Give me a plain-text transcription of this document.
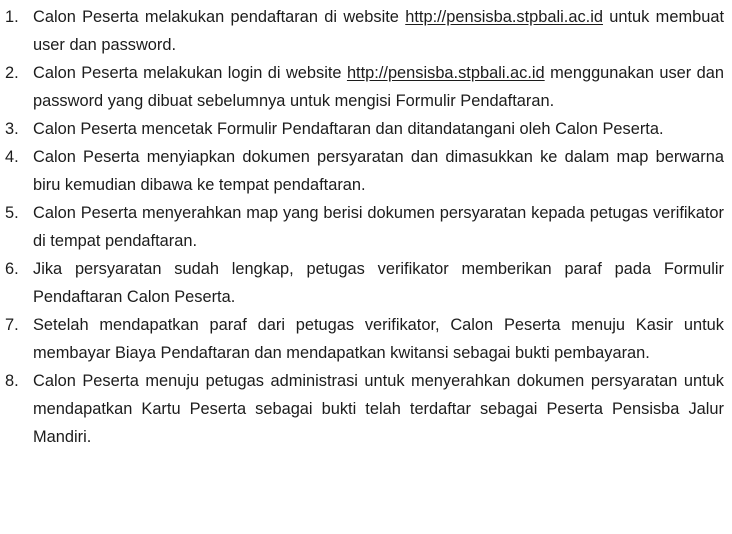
1. Calon Peserta melakukan pendaftaran di website http://pensisba.stpbali.ac.id untuk membuat user dan password.
2. Calon Peserta melakukan login di website http://pensisba.stpbali.ac.id menggunakan user dan password yang dibuat sebelumnya untuk mengisi Formulir Pendaftaran.
3. Calon Peserta mencetak Formulir Pendaftaran dan ditandatangani oleh Calon Peserta.
4. Calon Peserta menyiapkan dokumen persyaratan dan dimasukkan ke dalam map berwarna biru kemudian dibawa ke tempat pendaftaran.
5. Calon Peserta menyerahkan map yang berisi dokumen persyaratan kepada petugas verifikator di tempat pendaftaran.
6. Jika persyaratan sudah lengkap, petugas verifikator memberikan paraf pada Formulir Pendaftaran Calon Peserta.
7. Setelah mendapatkan paraf dari petugas verifikator, Calon Peserta menuju Kasir untuk membayar Biaya Pendaftaran dan mendapatkan kwitansi sebagai bukti pembayaran.
8. Calon Peserta menuju petugas administrasi untuk menyerahkan dokumen persyaratan untuk mendapatkan Kartu Peserta sebagai bukti telah terdaftar sebagai Peserta Pensisba Jalur Mandiri.
